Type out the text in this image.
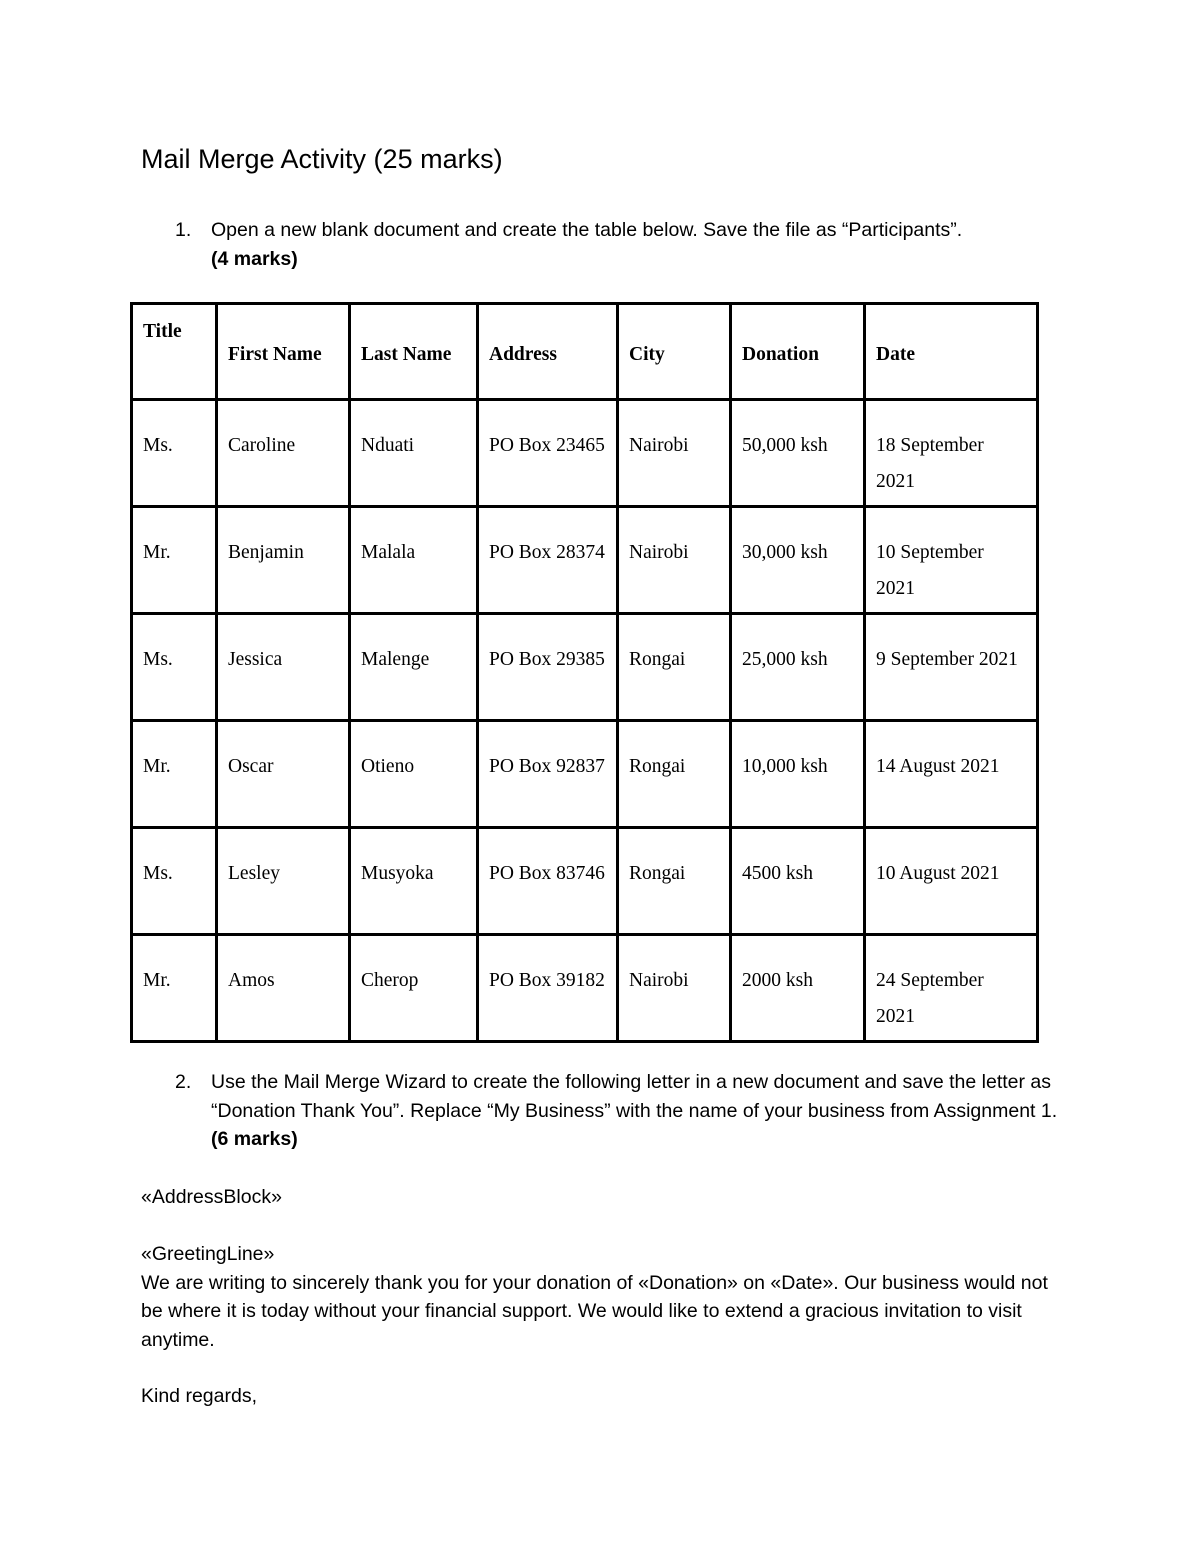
Mail Merge Activity (25 marks)
1. Open a new blank document and create the table below. Save the file as “Participants”.
(4 marks)
Title	First Name	Last Name	Address	City	Donation	Date
Ms.	Caroline	Nduati	PO Box 23465	Nairobi	50,000 ksh	18 September 2021
Mr.	Benjamin	Malala	PO Box 28374	Nairobi	30,000 ksh	10 September 2021
Ms.	Jessica	Malenge	PO Box 29385	Rongai	25,000 ksh	9 September 2021
Mr.	Oscar	Otieno	PO Box 92837	Rongai	10,000 ksh	14 August 2021
Ms.	Lesley	Musyoka	PO Box 83746	Rongai	4500 ksh	10 August 2021
Mr.	Amos	Cherop	PO Box 39182	Nairobi	2000 ksh	24 September 2021
2. Use the Mail Merge Wizard to create the following letter in a new document and save the letter as “Donation Thank You”. Replace “My Business” with the name of your business from Assignment 1. (6 marks)
«AddressBlock»
«GreetingLine»
We are writing to sincerely thank you for your donation of «Donation» on «Date». Our business would not be where it is today without your financial support. We would like to extend a gracious invitation to visit anytime.
Kind regards,
